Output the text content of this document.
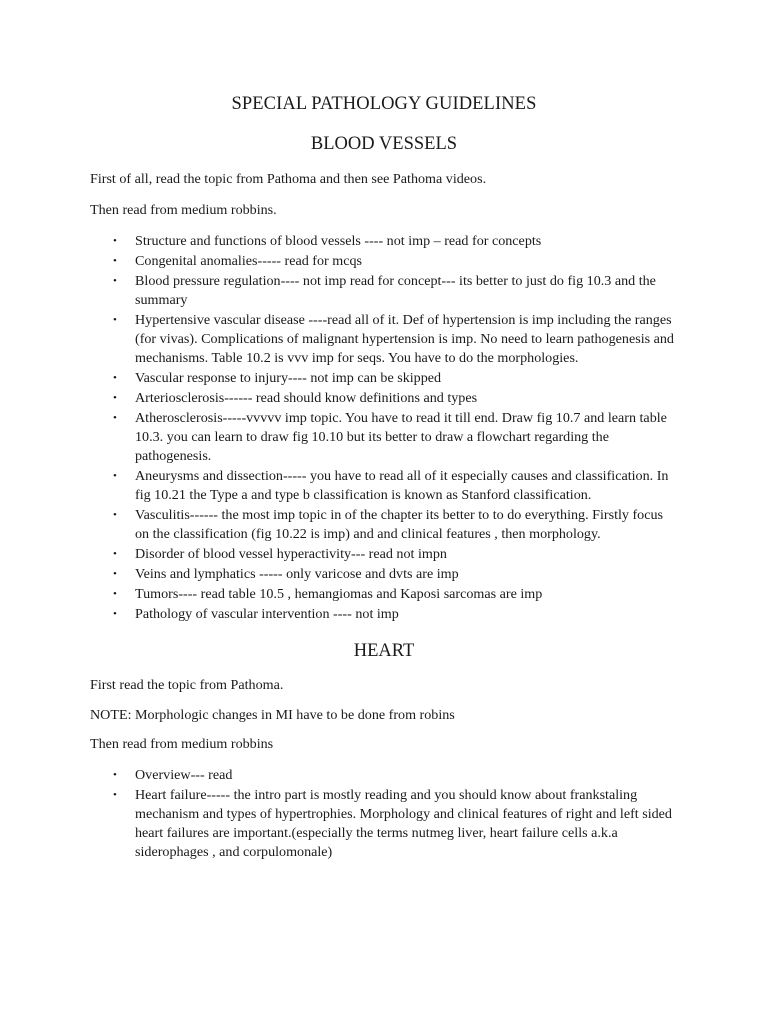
SPECIAL PATHOLOGY GUIDELINES
BLOOD VESSELS

First of all, read the topic from Pathoma and then see Pathoma videos.

Then read from medium robbins.

• Structure and functions of blood vessels ---- not imp – read for concepts
• Congenital anomalies----- read for mcqs
• Blood pressure regulation---- not imp read for concept--- its better to just do fig 10.3 and the summary
• Hypertensive vascular disease ----read all of it. Def of hypertension is imp including the ranges (for vivas). Complications of malignant hypertension is imp. No need to learn pathogenesis and mechanisms. Table 10.2 is vvv imp for seqs. You have to do the morphologies.
• Vascular response to injury---- not imp can be skipped
• Arteriosclerosis------ read should know definitions and types
• Atherosclerosis-----vvvvv imp topic. You have to read it till end. Draw fig 10.7 and learn table 10.3. you can learn to draw fig 10.10 but its better to draw a flowchart regarding the pathogenesis.
• Aneurysms and dissection----- you have to read all of it especially causes and classification. In fig 10.21 the Type a and type b classification is known as Stanford classification.
• Vasculitis------ the most imp topic in of the chapter its better to to do everything. Firstly focus on the classification (fig 10.22 is imp) and and clinical features , then morphology.
• Disorder of blood vessel hyperactivity--- read not impn
• Veins and lymphatics ----- only varicose and dvts are imp
• Tumors---- read table 10.5 , hemangiomas and Kaposi sarcomas are imp
• Pathology of vascular intervention ---- not imp
HEART

First read the topic from Pathoma.

NOTE: Morphologic changes in MI have to be done from robins

Then read from medium robbins

• Overview--- read
• Heart failure----- the intro part is mostly reading and you should know about frankstaling mechanism and types of hypertrophies. Morphology and clinical features of right and left sided heart failures are important.(especially the terms nutmeg liver, heart failure cells a.k.a siderophages , and corpulomonale)
